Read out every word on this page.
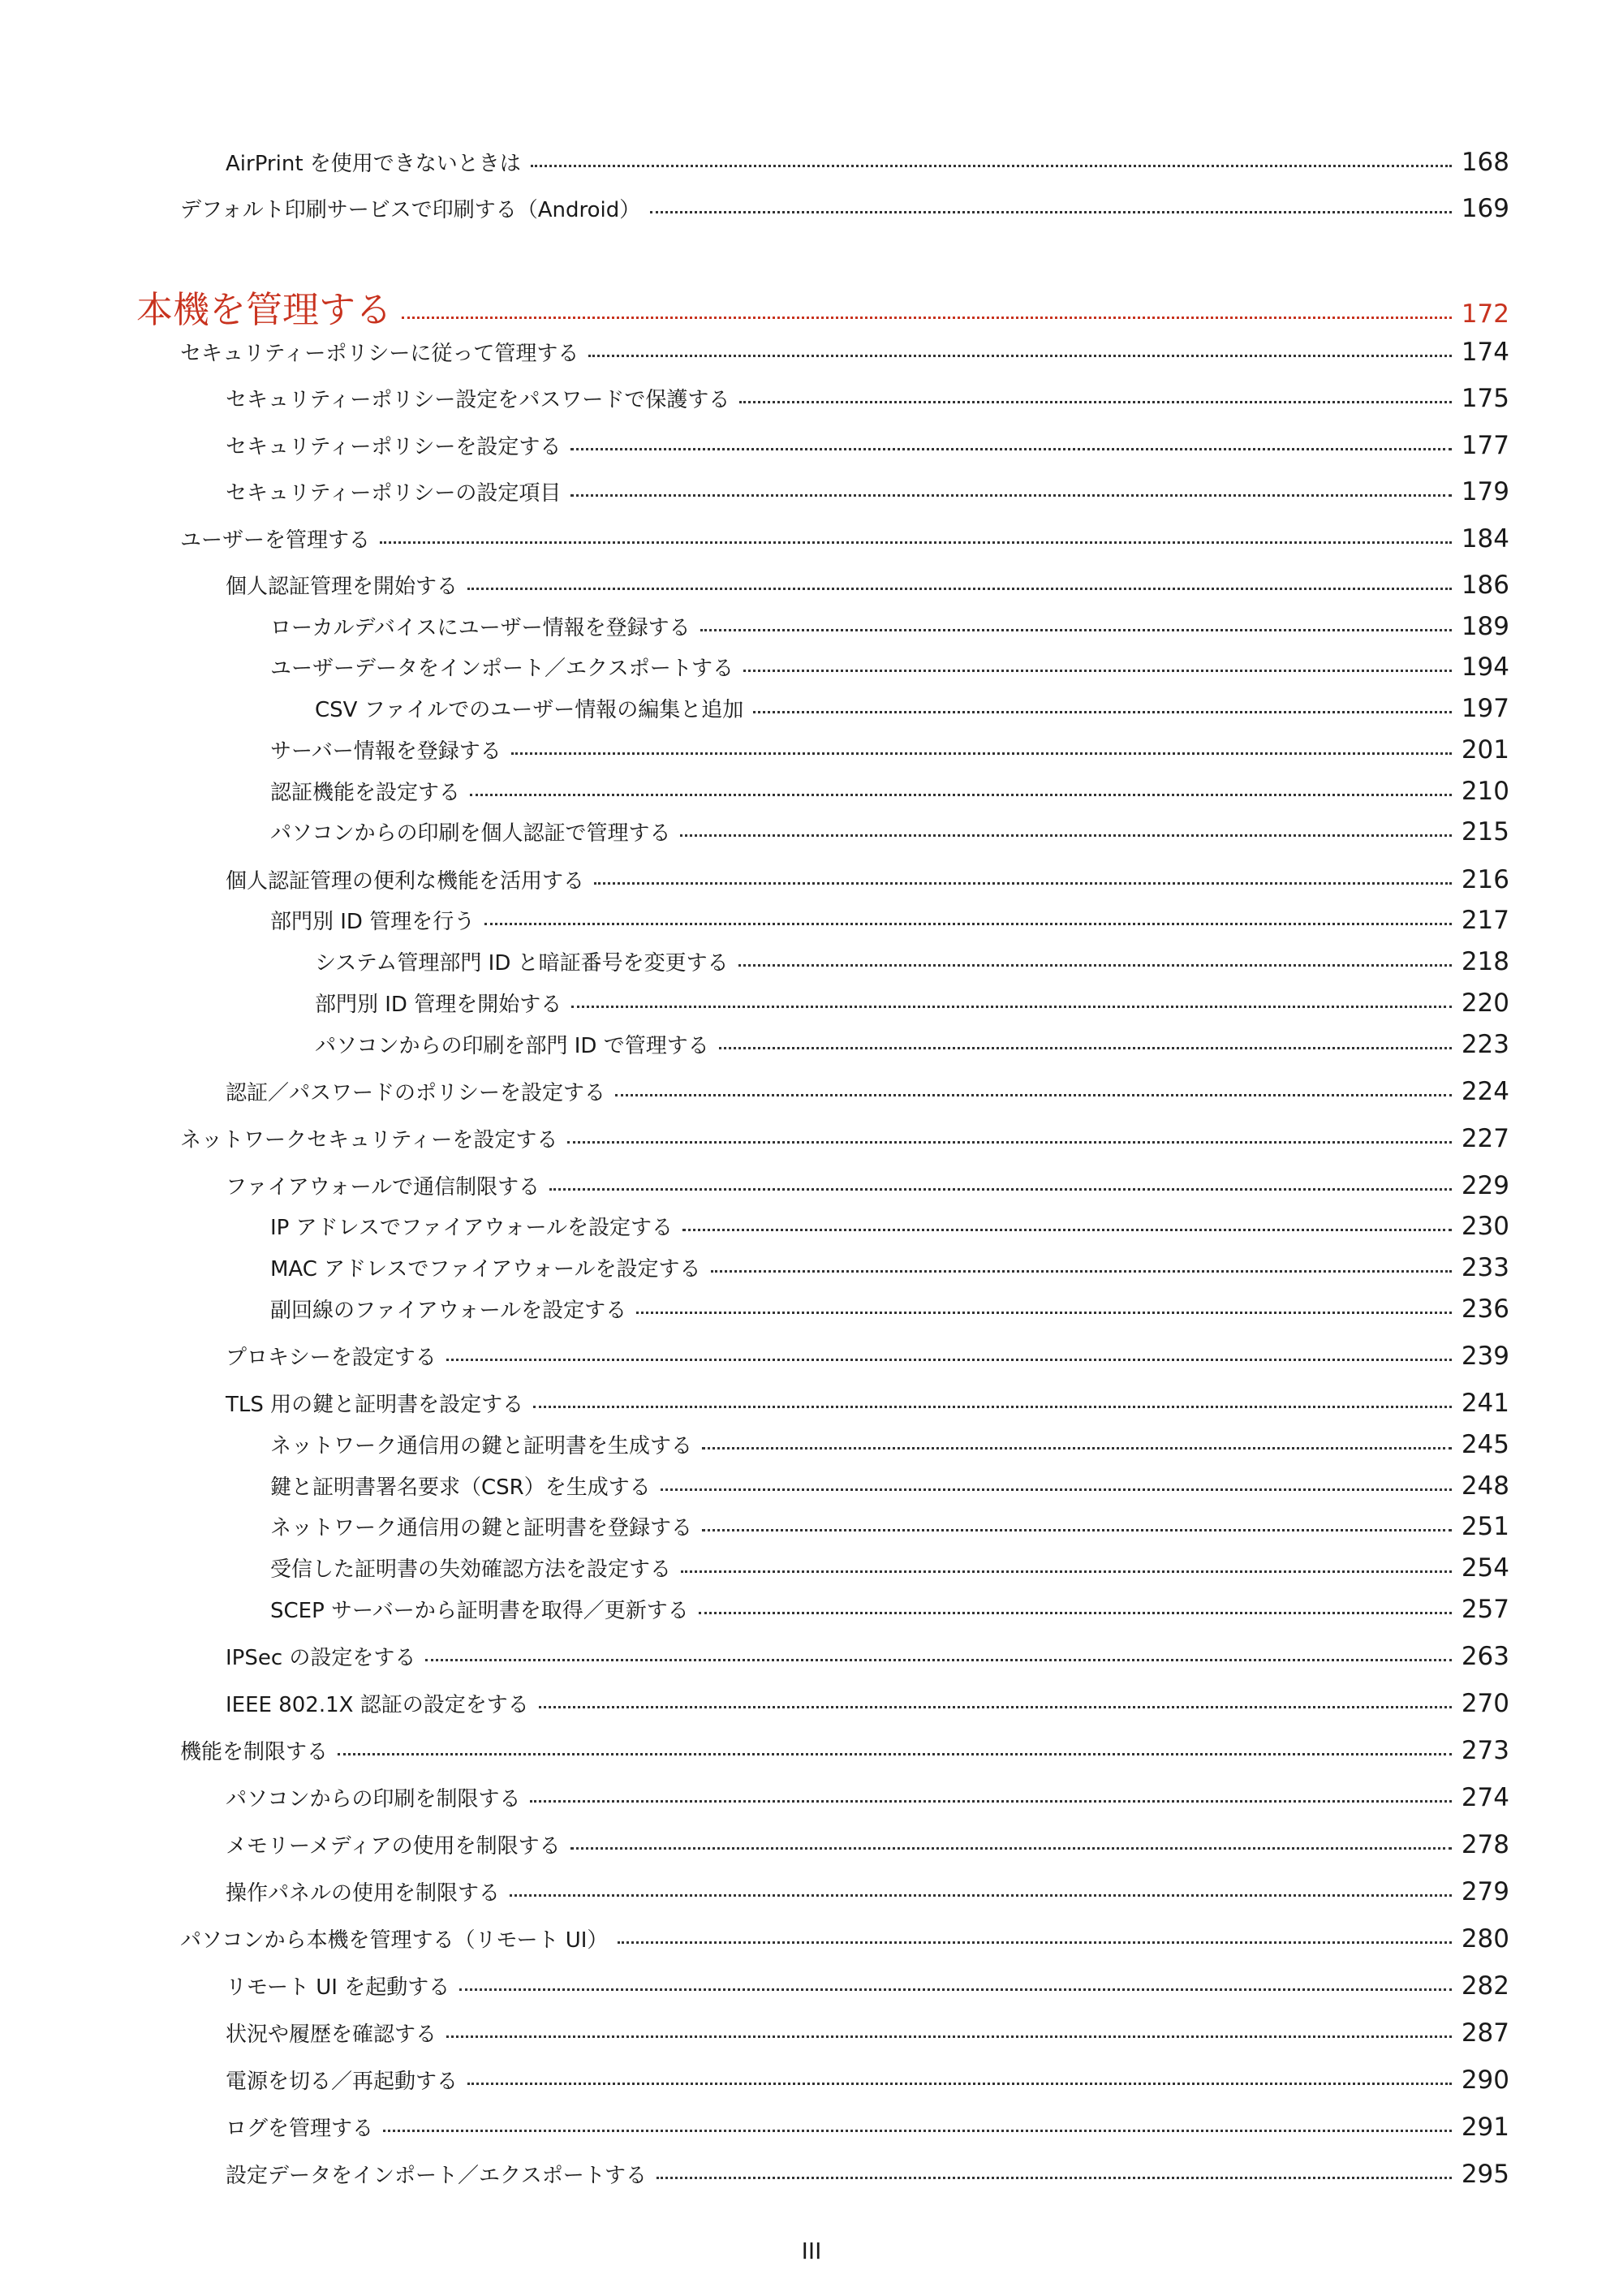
AirPrint を使用できないときは	168
デフォルト印刷サービスで印刷する（Android）	169
本機を管理する	172
セキュリティーポリシーに従って管理する	174
セキュリティーポリシー設定をパスワードで保護する	175
セキュリティーポリシーを設定する	177
セキュリティーポリシーの設定項目	179
ユーザーを管理する	184
個人認証管理を開始する	186
ローカルデバイスにユーザー情報を登録する	189
ユーザーデータをインポート／エクスポートする	194
CSV ファイルでのユーザー情報の編集と追加	197
サーバー情報を登録する	201
認証機能を設定する	210
パソコンからの印刷を個人認証で管理する	215
個人認証管理の便利な機能を活用する	216
部門別 ID 管理を行う	217
システム管理部門 ID と暗証番号を変更する	218
部門別 ID 管理を開始する	220
パソコンからの印刷を部門 ID で管理する	223
認証／パスワードのポリシーを設定する	224
ネットワークセキュリティーを設定する	227
ファイアウォールで通信制限する	229
IP アドレスでファイアウォールを設定する	230
MAC アドレスでファイアウォールを設定する	233
副回線のファイアウォールを設定する	236
プロキシーを設定する	239
TLS 用の鍵と証明書を設定する	241
ネットワーク通信用の鍵と証明書を生成する	245
鍵と証明書署名要求（CSR）を生成する	248
ネットワーク通信用の鍵と証明書を登録する	251
受信した証明書の失効確認方法を設定する	254
SCEP サーバーから証明書を取得／更新する	257
IPSec の設定をする	263
IEEE 802.1X 認証の設定をする	270
機能を制限する	273
パソコンからの印刷を制限する	274
メモリーメディアの使用を制限する	278
操作パネルの使用を制限する	279
パソコンから本機を管理する（リモート UI）	280
リモート UI を起動する	282
状況や履歴を確認する	287
電源を切る／再起動する	290
ログを管理する	291
設定データをインポート／エクスポートする	295
III
